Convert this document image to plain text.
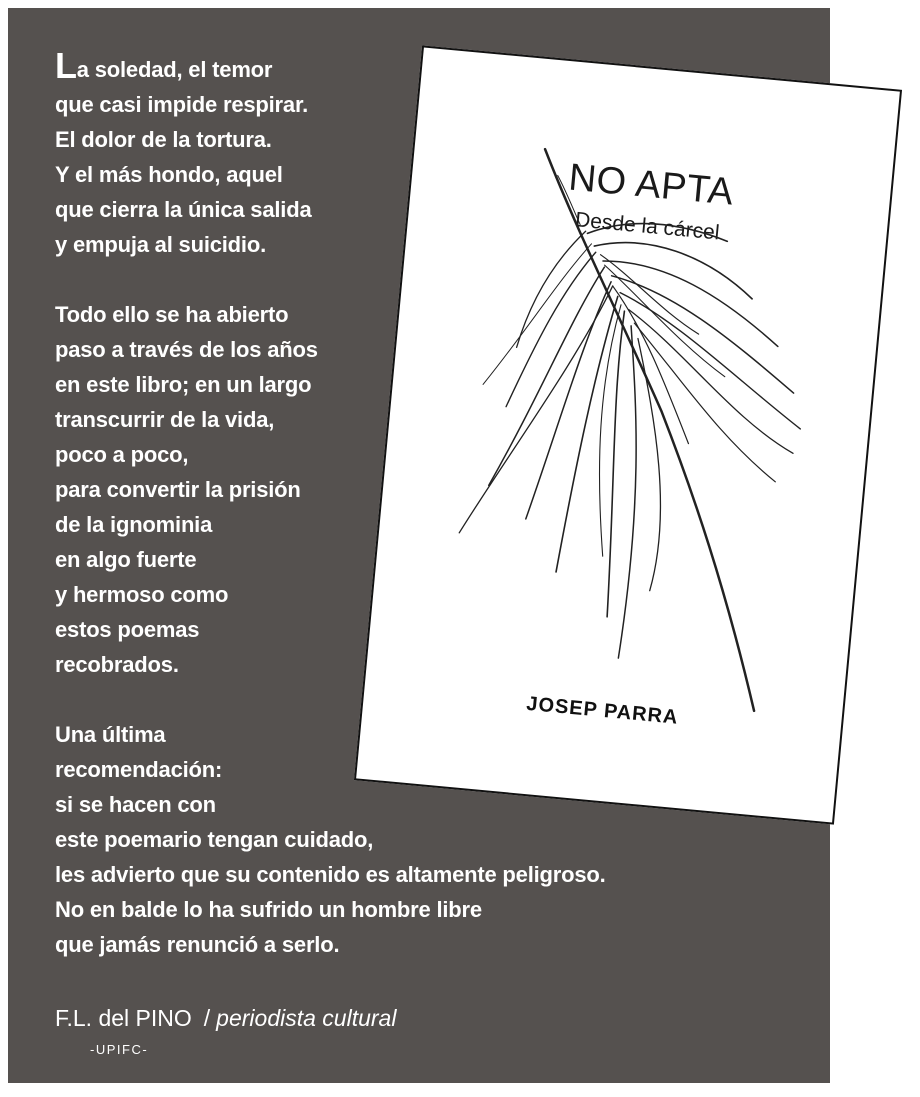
La soledad, el temor
que casi impide respirar.
El dolor de la tortura.
Y el más hondo, aquel
que cierra la única salida
y empuja al suicidio.
Todo ello se ha abierto
paso a través de los años
en este libro; en un largo
transcurrir de la vida,
poco a poco,
para convertir la prisión
de la ignominia
en algo fuerte
y hermoso como
estos poemas
recobrados.
Una última
recomendación:
si se hacen con
este poemario tengan cuidado,
les advierto que su contenido es altamente peligroso.
No en balde lo ha sufrido un hombre libre
que jamás renunció a serlo.
F.L. del PINO / periodista cultural
-UPIFC-
NO APTA
Desde la cárcel
JOSEP PARRA
